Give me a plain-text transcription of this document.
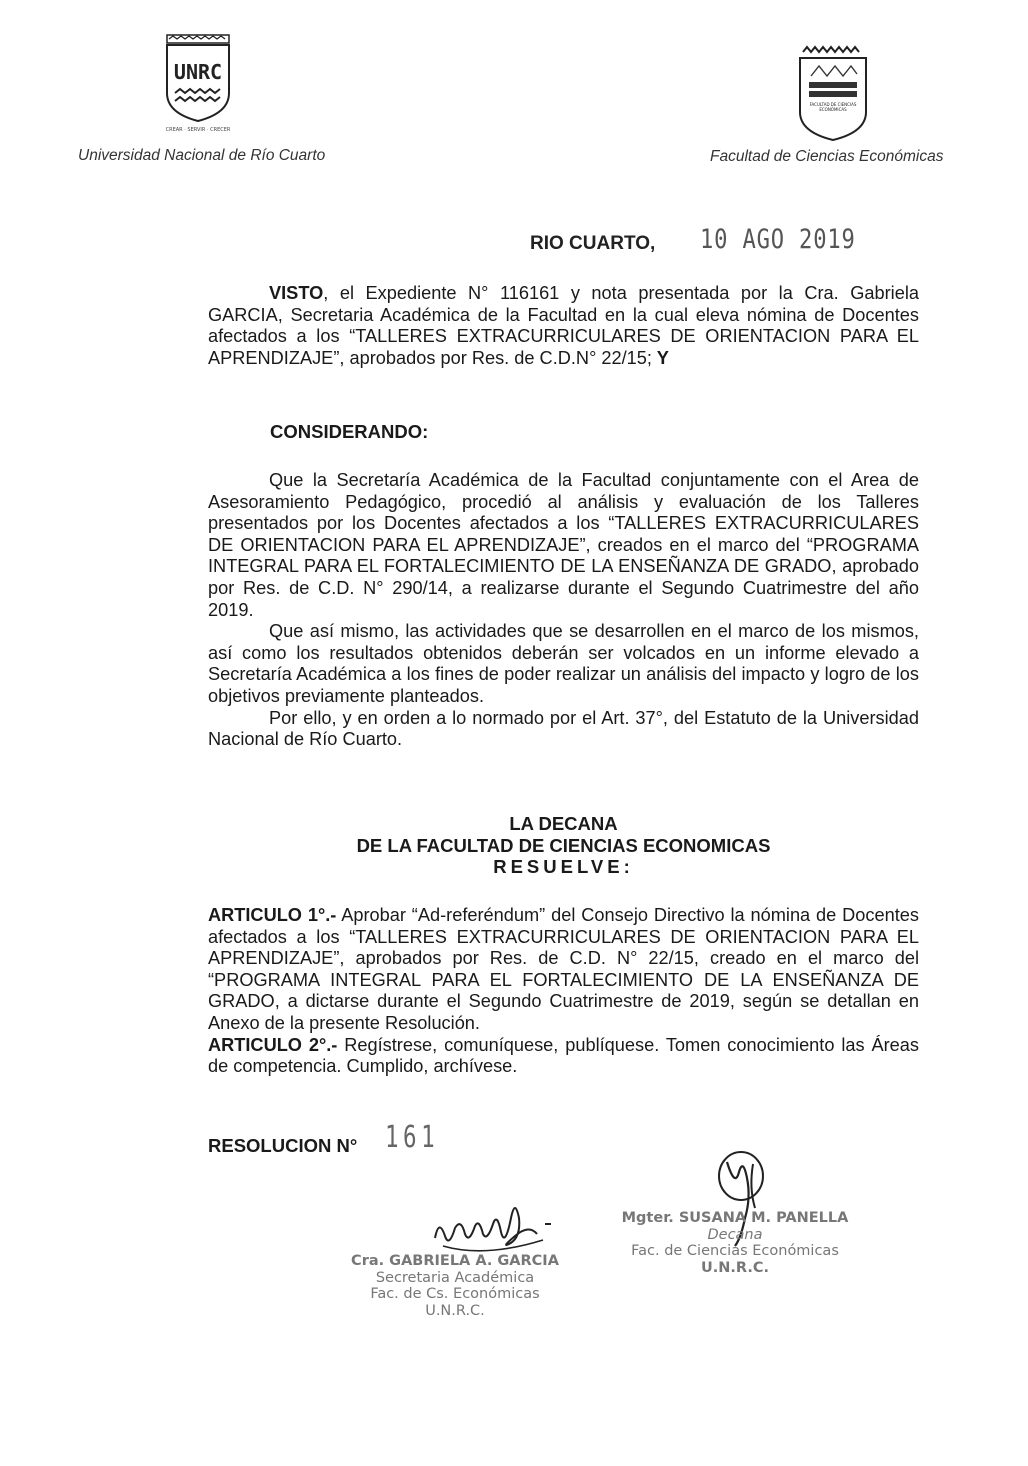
UNRC
CREAR · SERVIR · CRECER
FACULTAD DE CIENCIAS
ECONÓMICAS
Universidad Nacional de Río Cuarto	Facultad de Ciencias Económicas
RIO CUARTO, 10 AGO 2019

VISTO, el Expediente N° 116161 y nota presentada por la Cra. Gabriela GARCIA, Secretaria Académica de la Facultad en la cual eleva nómina de Docentes afectados a los “TALLERES EXTRACURRICULARES DE ORIENTACION PARA EL APRENDIZAJE”, aprobados por Res. de C.D.N° 22/15; Y

CONSIDERANDO:

Que la Secretaría Académica de la Facultad conjuntamente con el Area de Asesoramiento Pedagógico, procedió al análisis y evaluación de los Talleres presentados por los Docentes afectados a los “TALLERES EXTRACURRICULARES DE ORIENTACION PARA EL APRENDIZAJE”, creados en el marco del “PROGRAMA INTEGRAL PARA EL FORTALECIMIENTO DE LA ENSEÑANZA DE GRADO, aprobado por Res. de C.D. N° 290/14, a realizarse durante el Segundo Cuatrimestre del año 2019.

Que así mismo, las actividades que se desarrollen en el marco de los mismos, así como los resultados obtenidos deberán ser volcados en un informe elevado a Secretaría Académica a los fines de poder realizar un análisis del impacto y logro de los objetivos previamente planteados.

Por ello, y en orden a lo normado por el Art. 37°, del Estatuto de la Universidad Nacional de Río Cuarto.

LA DECANA
DE LA FACULTAD DE CIENCIAS ECONOMICAS
RESUELVE:

ARTICULO 1°.- Aprobar “Ad-referéndum” del Consejo Directivo la nómina de Docentes afectados a los “TALLERES EXTRACURRICULARES DE ORIENTACION PARA EL APRENDIZAJE”, aprobados por Res. de C.D. N° 22/15, creado en el marco del “PROGRAMA INTEGRAL PARA EL FORTALECIMIENTO DE LA ENSEÑANZA DE GRADO, a dictarse durante el Segundo Cuatrimestre de 2019, según se detallan en Anexo de la presente Resolución.

ARTICULO 2°.- Regístrese, comuníquese, publíquese. Tomen conocimiento las Áreas de competencia. Cumplido, archívese.

RESOLUCION N° 161
Cra. GABRIELA A. GARCIA
Secretaria Académica
Fac. de Cs. Económicas
U.N.R.C.
Mgter. SUSANA M. PANELLA
Decana
Fac. de Ciencias Económicas
U.N.R.C.
